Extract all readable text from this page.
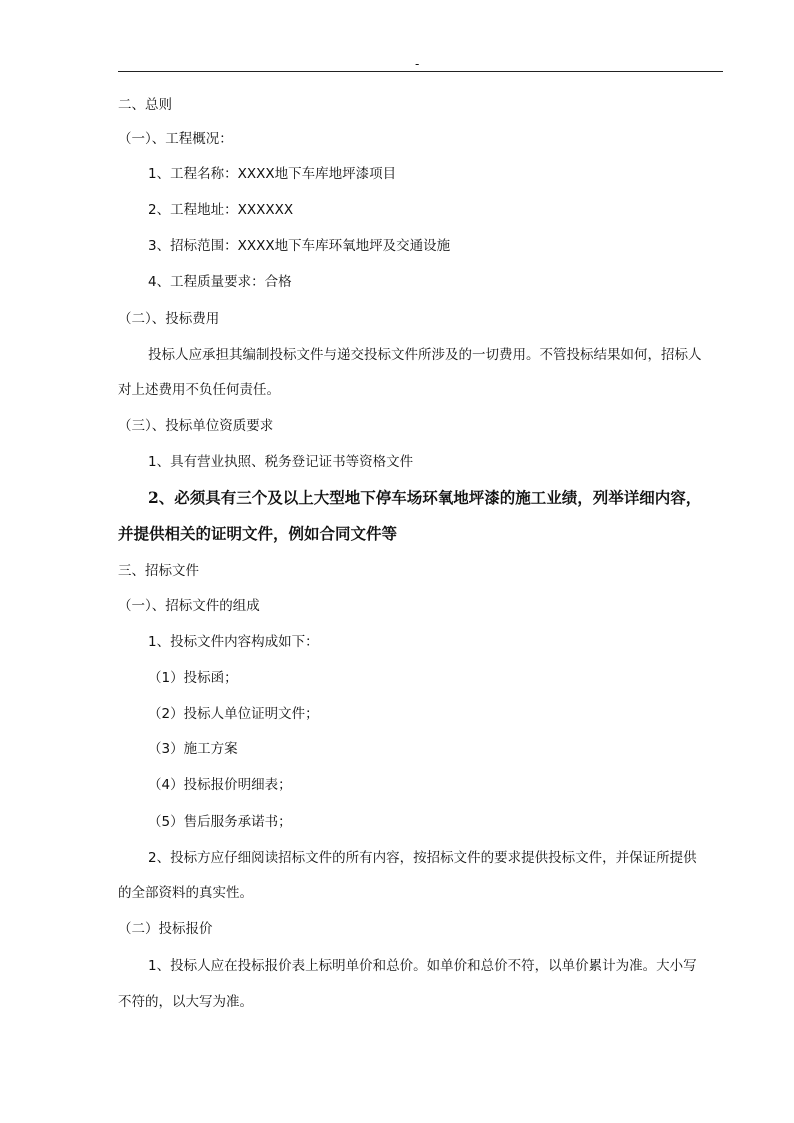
-
二、总则
（一）、工程概况：
1、工程名称：XXXX地下车库地坪漆项目
2、工程地址：XXXXXX
3、招标范围：XXXX地下车库环氧地坪及交通设施
4、工程质量要求：合格
（二）、投标费用
投标人应承担其编制投标文件与递交投标文件所涉及的一切费用。不管投标结果如何，招标人
对上述费用不负任何责任。
（三）、投标单位资质要求
1、具有营业执照、税务登记证书等资格文件
2、必须具有三个及以上大型地下停车场环氧地坪漆的施工业绩，列举详细内容，
并提供相关的证明文件，例如合同文件等
三、招标文件
（一）、招标文件的组成
1、投标文件内容构成如下：
（1）投标函；
（2）投标人单位证明文件；
（3）施工方案
（4）投标报价明细表；
（5）售后服务承诺书；
2、投标方应仔细阅读招标文件的所有内容，按招标文件的要求提供投标文件，并保证所提供
的全部资料的真实性。
（二）投标报价
1、投标人应在投标报价表上标明单价和总价。如单价和总价不符，以单价累计为准。大小写
不符的，以大写为准。
